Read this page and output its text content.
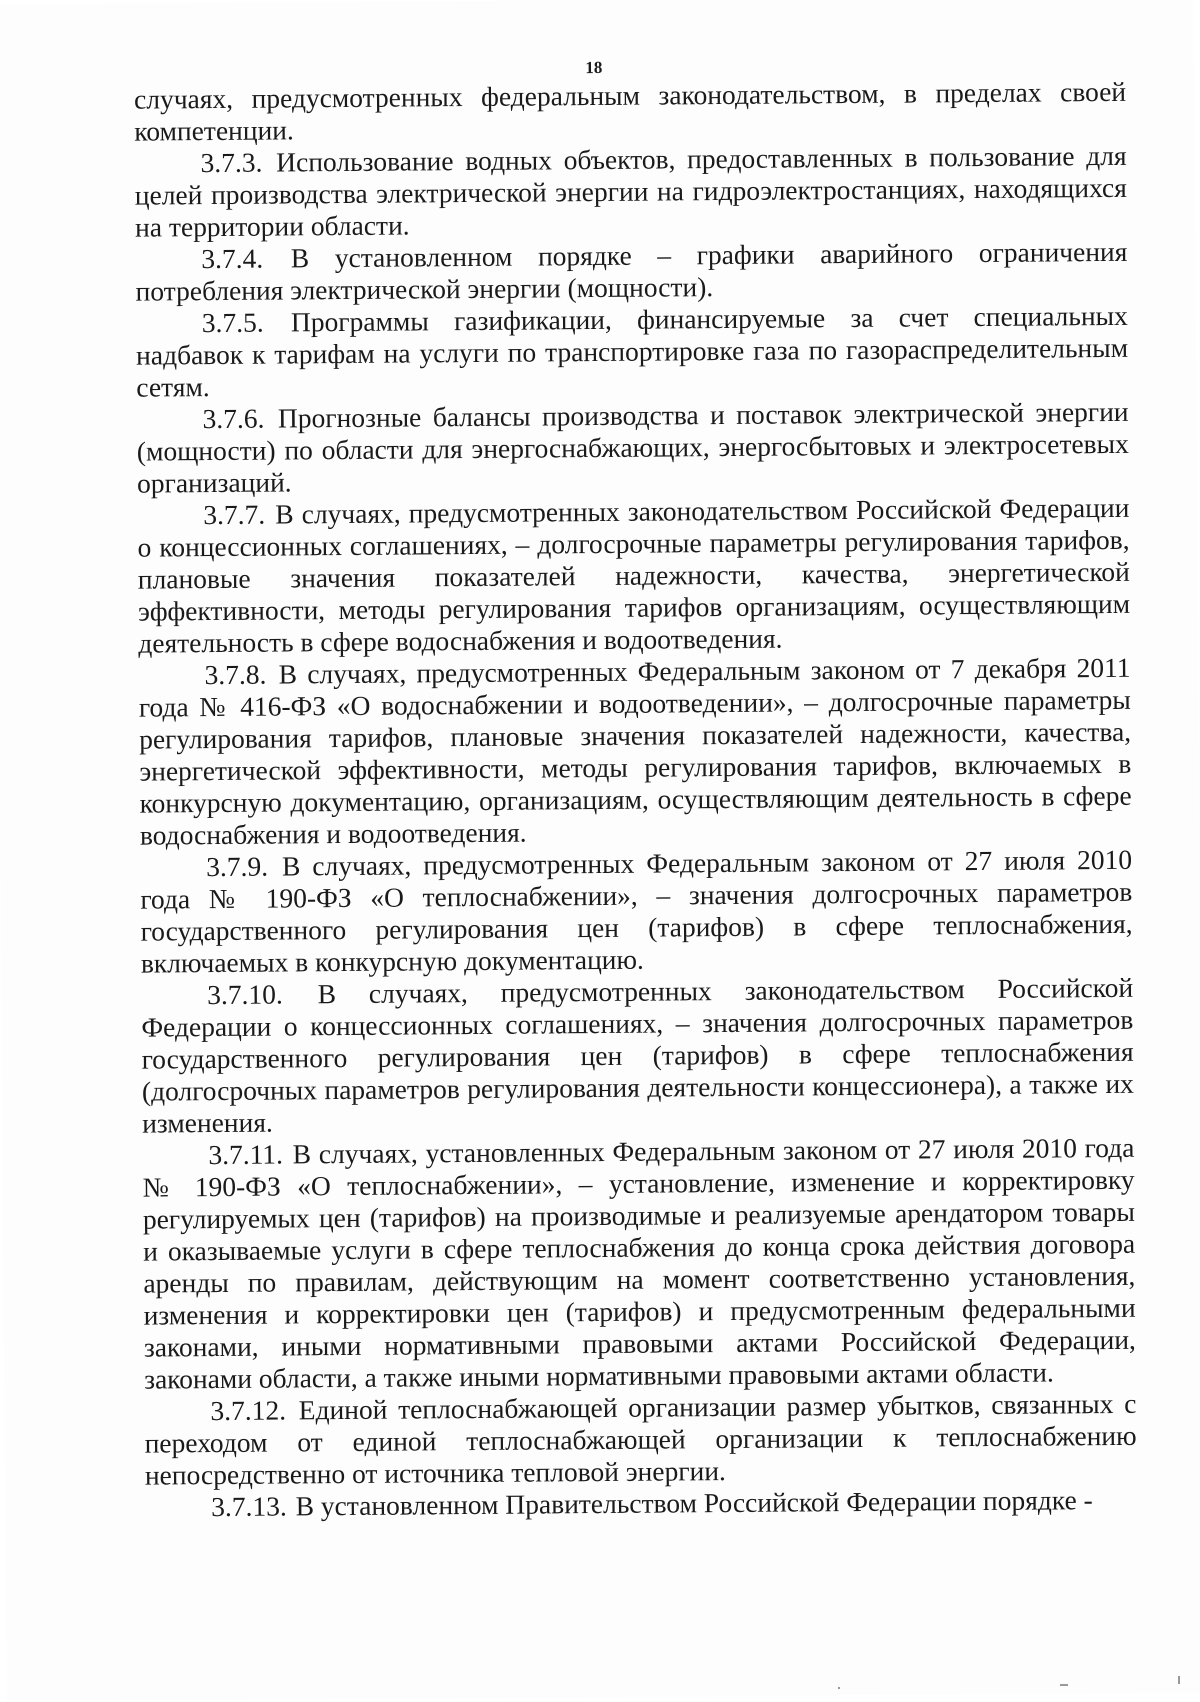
18

случаях, предусмотренных федеральным законодательством, в пределах своей компетенции.

3.7.3. Использование водных объектов, предоставленных в пользование для целей производства электрической энергии на гидроэлектростанциях, находящихся на территории области.

3.7.4. В установленном порядке – графики аварийного ограничения потребления электрической энергии (мощности).

3.7.5. Программы газификации, финансируемые за счет специальных надбавок к тарифам на услуги по транспортировке газа по газораспределительным сетям.

3.7.6. Прогнозные балансы производства и поставок электрической энергии (мощности) по области для энергоснабжающих, энергосбытовых и электросетевых организаций.

3.7.7. В случаях, предусмотренных законодательством Российской Федерации о концессионных соглашениях, – долгосрочные параметры регулирования тарифов, плановые значения показателей надежности, качества, энергетической эффективности, методы регулирования тарифов организациям, осуществляющим деятельность в сфере водоснабжения и водоотведения.

3.7.8. В случаях, предусмотренных Федеральным законом от 7 декабря 2011 года № 416-ФЗ «О водоснабжении и водоотведении», – долгосрочные параметры регулирования тарифов, плановые значения показателей надежности, качества, энергетической эффективности, методы регулирования тарифов, включаемых в конкурсную документацию, организациям, осуществляющим деятельность в сфере водоснабжения и водоотведения.

3.7.9. В случаях, предусмотренных Федеральным законом от 27 июля 2010 года № 190-ФЗ «О теплоснабжении», – значения долгосрочных параметров государственного регулирования цен (тарифов) в сфере теплоснабжения, включаемых в конкурсную документацию.

3.7.10. В случаях, предусмотренных законодательством Российской Федерации о концессионных соглашениях, – значения долгосрочных параметров государственного регулирования цен (тарифов) в сфере теплоснабжения (долгосрочных параметров регулирования деятельности концессионера), а также их изменения.

3.7.11. В случаях, установленных Федеральным законом от 27 июля 2010 года № 190-ФЗ «О теплоснабжении», – установление, изменение и корректировку регулируемых цен (тарифов) на производимые и реализуемые арендатором товары и оказываемые услуги в сфере теплоснабжения до конца срока действия договора аренды по правилам, действующим на момент соответственно установления, изменения и корректировки цен (тарифов) и предусмотренным федеральными законами, иными нормативными правовыми актами Российской Федерации, законами области, а также иными нормативными правовыми актами области.

3.7.12. Единой теплоснабжающей организации размер убытков, связанных с переходом от единой теплоснабжающей организации к теплоснабжению непосредственно от источника тепловой энергии.

3.7.13. В установленном Правительством Российской Федерации порядке -
